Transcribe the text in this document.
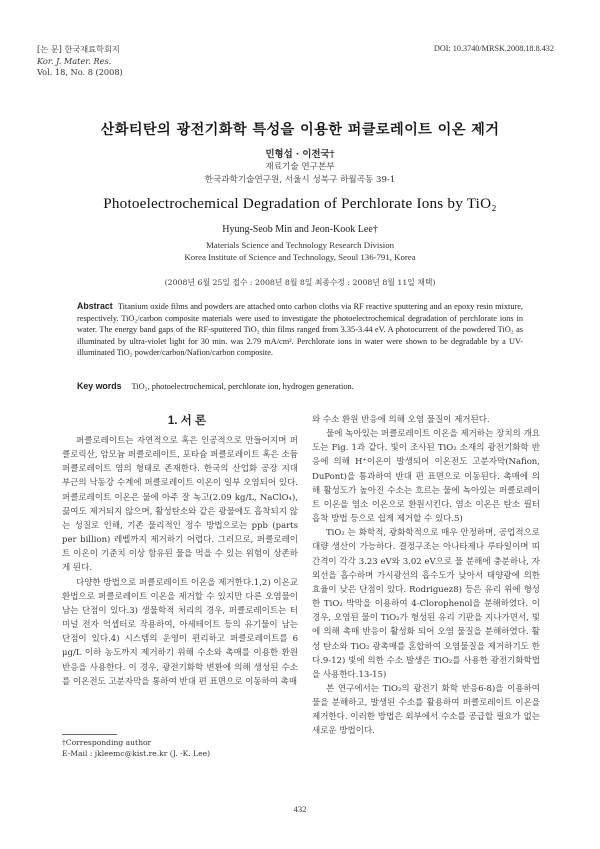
[논 문] 한국재료학회지
Kor. J. Mater. Res.
Vol. 18, No. 8 (2008)
DOI: 10.3740/MRSK.2008.18.8.432
산화티탄의 광전기화학 특성을 이용한 퍼클로레이트 이온 제거
민형섭 · 이전국†
재료기술 연구본부
한국과학기술연구원, 서울시 성북구 하월곡동 39-1
Photoelectrochemical Degradation of Perchlorate Ions by TiO₂
Hyung-Seob Min and Jeon-Kook Lee†
Materials Science and Technology Research Division
Korea Institute of Science and Technology, Seoul 136-791, Korea
(2008년 6월 25일 접수 : 2008년 8월 8일 최종수정 : 2008년 8월 11일 채택)
Abstract Titanium oxide films and powders are attached onto carbon cloths via RF reactive sputtering and an epoxy resin mixture, respectively. TiO₂/carbon composite materials were used to investigate the photoelectrochemical degradation of perchlorate ions in water. The energy band gaps of the RF-sputtered TiO₂ thin films ranged from 3.35-3.44 eV. A photocurrent of the powdered TiO₂ as illuminated by ultra-violet light for 30 min. was 2.79 mA/cm². Perchlorate ions in water were shown to be degradable by a UV-illuminated TiO₂ powder/carbon/Nafion/carbon composite.
Key words TiO₂, photoelectrochemical, perchlorate ion, hydrogen generation.
1. 서 론

퍼클로레이트는 자연적으로 혹은 인공적으로 만들어지며 퍼클로릭산, 암모늄 퍼클로레이트, 포타슘 퍼클로레이트 혹은 소듐퍼클로레이트 염의 형태로 존재한다. 한국의 산업화 공장 지대 부근의 낙동강 수계에 퍼클로레이트 이온이 일부 오염되어 있다. 퍼클로레이트 이온은 물에 아주 잘 녹고(2.09 kg/L, NaClO₄), 끓여도 제거되지 않으며, 활성탄소와 같은 광물에도 흡착되지 않는 성질로 인해, 기존 물리적인 정수 방법으로는 ppb (parts per billion) 레벨까지 제거하기 어렵다. 그러므로, 퍼클로레이트 이온이 기준치 이상 함유된 물을 먹을 수 있는 위험이 상존하게 된다.

다양한 방법으로 퍼클로레이트 이온을 제거한다.1,2) 이온교환법으로 퍼클로레이트 이온을 제거할 수 있지만 다른 오염물이 남는 단점이 있다.3) 생물학적 처리의 경우, 퍼클로레이트는 터미널 전자 억셉터로 작용하여, 아세테이트 등의 유기물이 남는 단점이 있다.4) 시스템의 운영이 편리하고 퍼클로레이트를 6 μg/L 이하 농도까지 제거하기 위해 수소와 촉매를 이용한 환원 반응을 사용한다. 이 경우, 광전기화학 변환에 의해 생성된 수소를 이온전도 고분자막을 통하여 반대 편 표면으로 이동하여 촉매

와 수소 환원 반응에 의해 오염 물질이 제거된다.

물에 녹아있는 퍼클로레이트 이온을 제거하는 장치의 개요도는 Fig. 1과 같다. 빛이 조사된 TiO₂ 소재의 광전기화학 반응에 의해 H⁺이온이 발생되어 이온전도 고분자막(Nafion, DuPont)을 통과하여 반대 편 표면으로 이동된다. 촉매에 의해 활성도가 높아진 수소는 흐르는 물에 녹아있는 퍼클로레이트 이온을 염소 이온으로 환원시킨다. 염소 이온은 탄소 필터 흡착 방법 등으로 쉽게 제거할 수 있다.5)

TiO₂ 는 화학적, 광화학적으로 매우 안정하며, 공업적으로 대량 생산이 가능하다. 결정구조는 아나타제나 루타일이며 띠 간격이 각각 3.23 eV와 3.02 eV으로 물 분해에 충분하나, 자외선을 흡수하며 가시광선의 흡수도가 낮아서 태양광에 의한 효율이 낮은 단점이 있다. Rodriguez8) 등은 유리 위에 형성한 TiO₂ 박막을 이용하여 4-Clorophenol을 분해하였다. 이 경우, 오염된 물이 TiO₂가 형성된 유리 기판을 지나가면서, 빛에 의해 촉매 반응이 활성화 되어 오염 물질을 분해하였다. 활성 탄소와 TiO₂ 광촉매를 혼합하여 오염물질을 제거하기도 한다.9-12) 빛에 의한 수소 발생은 TiO₂를 사용한 광전기화학법을 사용한다.13-15)

본 연구에서는 TiO₂의 광전기 화학 반응6-8)을 이용하여 물을 분해하고, 발생된 수소를 활용하여 퍼클로레이트 이온을 제거한다. 이러한 방법은 외부에서 수소를 공급할 필요가 없는 새로운 방법이다.

†Corresponding author
E-Mail : jkleemc@kist.re.kr (J. -K. Lee)
432
